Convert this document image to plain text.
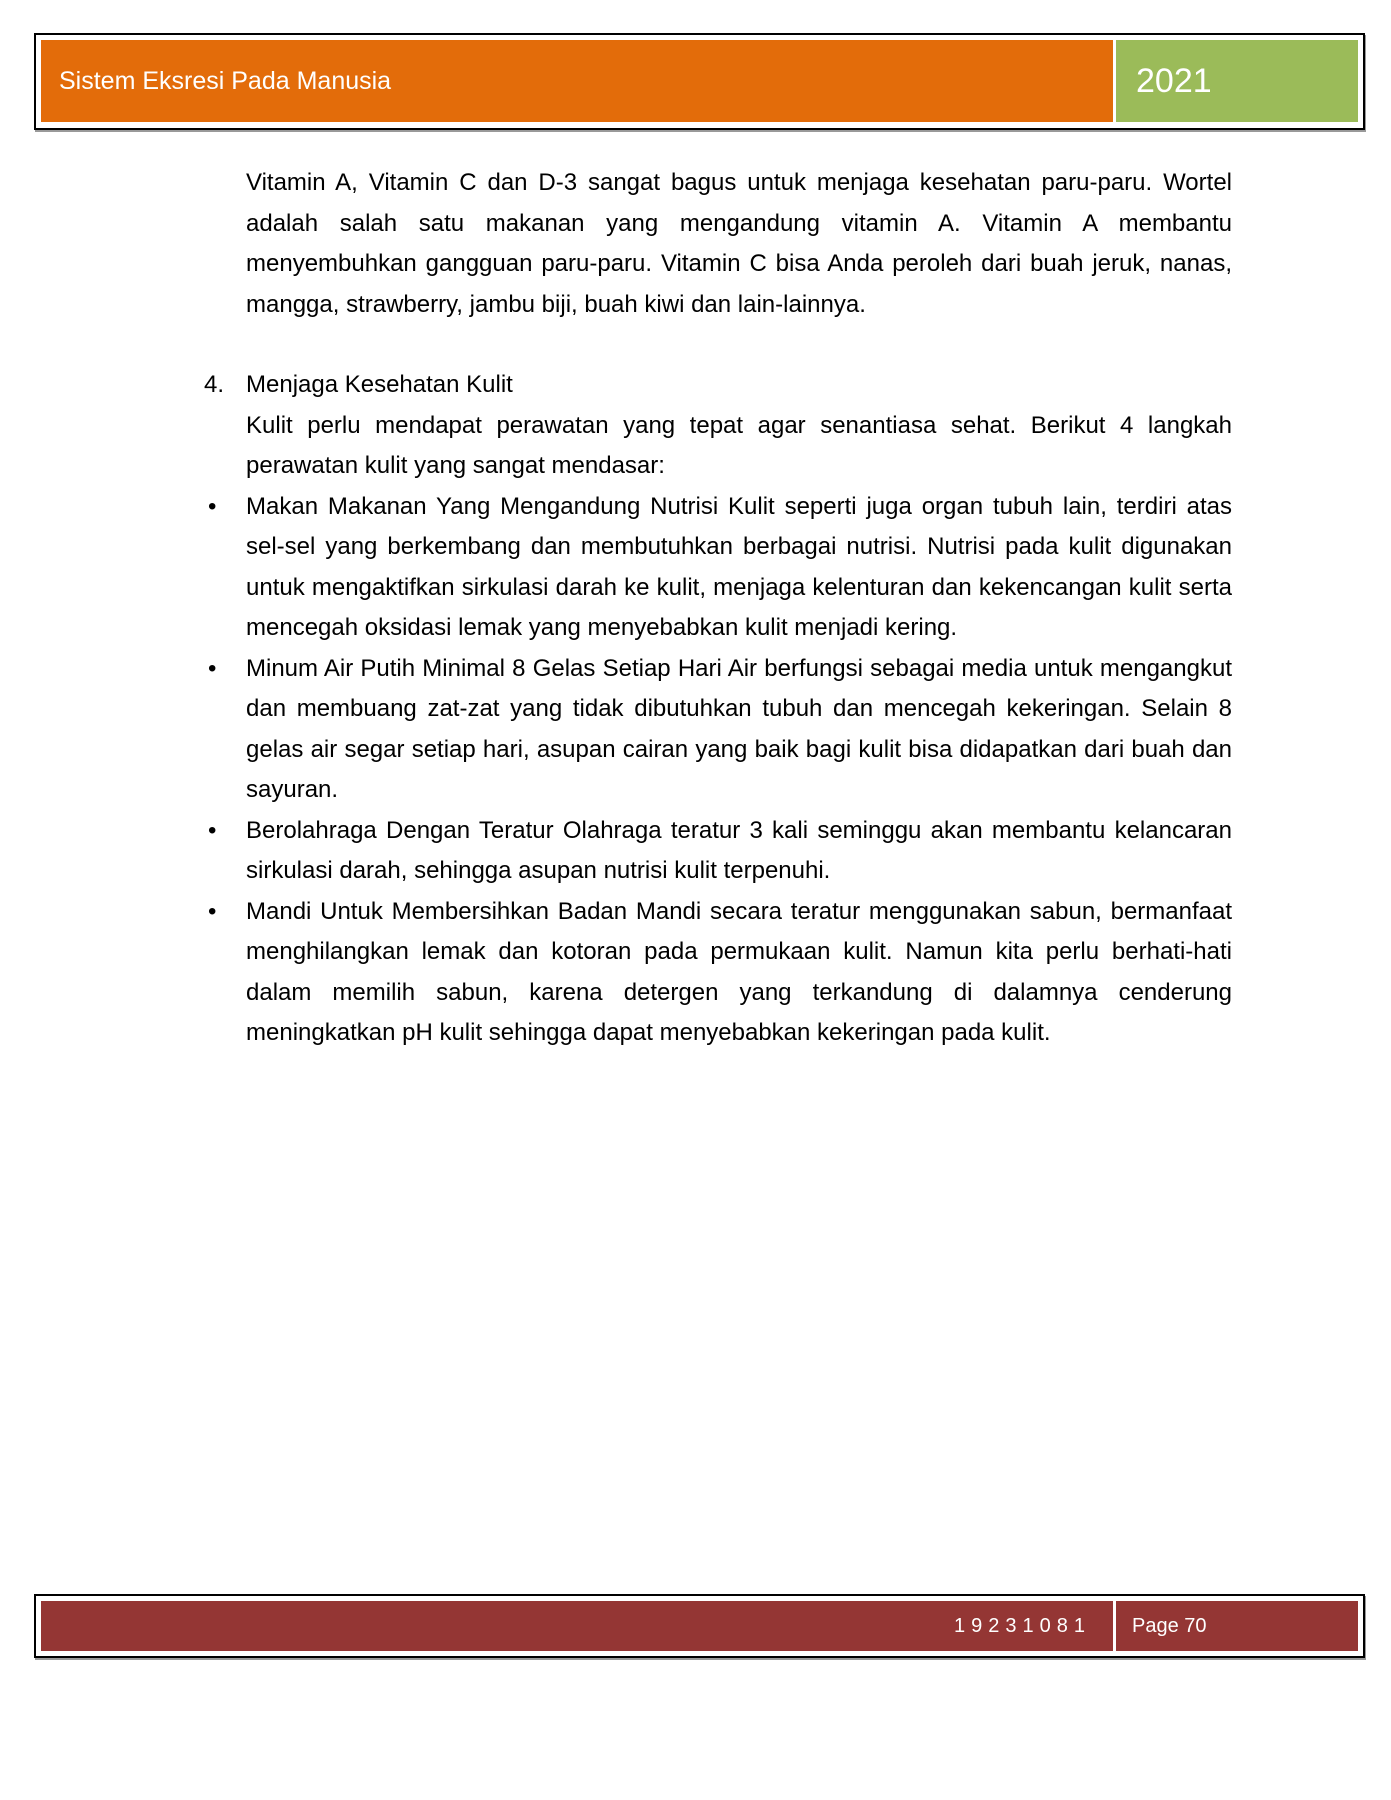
Sistem Eksresi Pada Manusia	2021

Vitamin A, Vitamin C dan D-3 sangat bagus untuk menjaga kesehatan paru-paru. Wortel adalah salah satu makanan yang mengandung vitamin A. Vitamin A membantu menyembuhkan gangguan paru-paru. Vitamin C bisa Anda peroleh dari buah jeruk, nanas, mangga, strawberry, jambu biji, buah kiwi dan lain-lainnya.

4. Menjaga Kesehatan Kulit

Kulit perlu mendapat perawatan yang tepat agar senantiasa sehat. Berikut 4 langkah perawatan kulit yang sangat mendasar:

• Makan Makanan Yang Mengandung Nutrisi Kulit seperti juga organ tubuh lain, terdiri atas sel-sel yang berkembang dan membutuhkan berbagai nutrisi. Nutrisi pada kulit digunakan untuk mengaktifkan sirkulasi darah ke kulit, menjaga kelenturan dan kekencangan kulit serta mencegah oksidasi lemak yang menyebabkan kulit menjadi kering.

• Minum Air Putih Minimal 8 Gelas Setiap Hari Air berfungsi sebagai media untuk mengangkut dan membuang zat-zat yang tidak dibutuhkan tubuh dan mencegah kekeringan. Selain 8 gelas air segar setiap hari, asupan cairan yang baik bagi kulit bisa didapatkan dari buah dan sayuran.

• Berolahraga Dengan Teratur Olahraga teratur 3 kali seminggu akan membantu kelancaran sirkulasi darah, sehingga asupan nutrisi kulit terpenuhi.

• Mandi Untuk Membersihkan Badan Mandi secara teratur menggunakan sabun, bermanfaat menghilangkan lemak dan kotoran pada permukaan kulit. Namun kita perlu berhati-hati dalam memilih sabun, karena detergen yang terkandung di dalamnya cenderung meningkatkan pH kulit sehingga dapat menyebabkan kekeringan pada kulit.

19231081	Page 70
